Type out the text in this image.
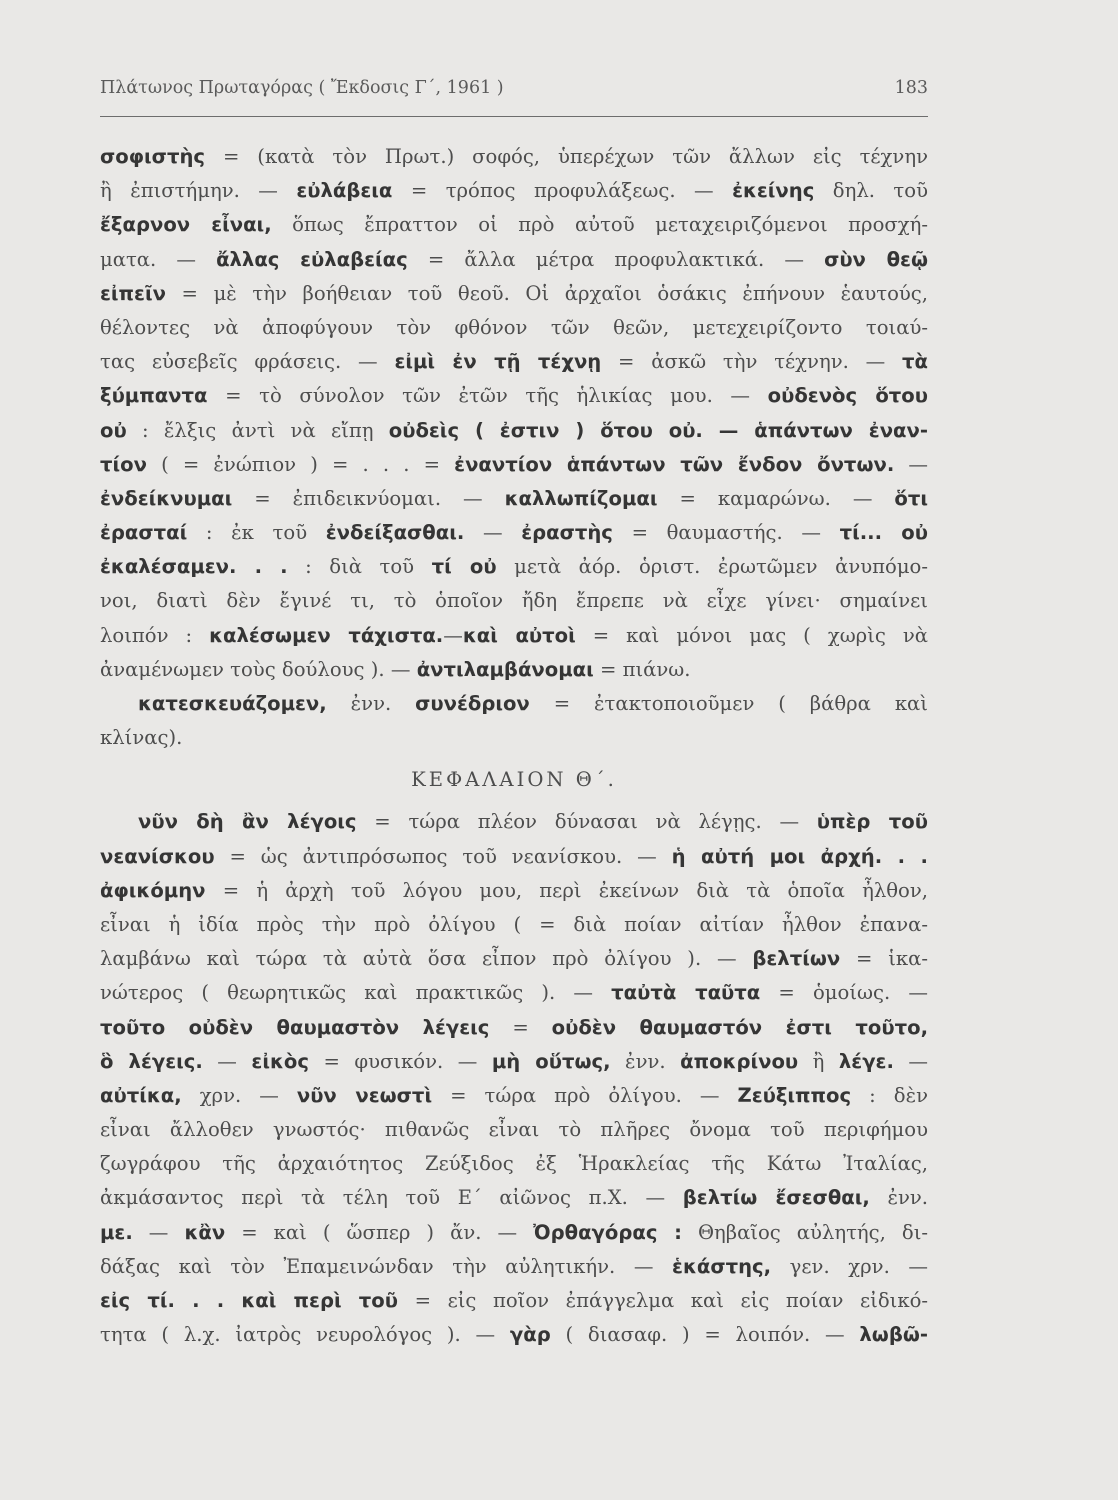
Πλάτωνος Πρωταγόρας ( Ἔκδοσις Γ΄, 1961 )	183
σοφιστὴς = (κατὰ τὸν Πρωτ.) σοφός, ὑπερέχων τῶν ἄλλων εἰς τέχνην
ἢ ἐπιστήμην. — εὐλάβεια = τρόπος προφυλάξεως. — ἐκείνης δηλ. τοῦ
ἔξαρνον εἶναι, ὅπως ἔπραττον οἱ πρὸ αὐτοῦ μεταχειριζόμενοι προσχή-
ματα. — ἄλλας εὐλαβείας = ἄλλα μέτρα προφυλακτικά. — σὺν θεῷ
εἰπεῖν = μὲ τὴν βοήθειαν τοῦ θεοῦ. Οἱ ἀρχαῖοι ὁσάκις ἐπήνουν ἑαυτούς,
θέλοντες νὰ ἀποφύγουν τὸν φθόνον τῶν θεῶν, μετεχειρίζοντο τοιαύ-
τας εὐσεβεῖς φράσεις. — εἰμὶ ἐν τῇ τέχνῃ = ἀσκῶ τὴν τέχνην. — τὰ
ξύμπαντα = τὸ σύνολον τῶν ἐτῶν τῆς ἡλικίας μου. — οὐδενὸς ὅτου
οὐ : ἔλξις ἀντὶ νὰ εἴπῃ οὐδεὶς ( ἐστιν ) ὅτου οὐ. — ἁπάντων ἐναν-
τίον ( = ἐνώπιον ) = . . . = ἐναντίον ἁπάντων τῶν ἔνδον ὄντων. —
ἐνδείκνυμαι = ἐπιδεικνύομαι. — καλλωπίζομαι = καμαρώνω. — ὅτι
ἐρασταί : ἐκ τοῦ ἐνδείξασθαι. — ἐραστὴς = θαυμαστής. — τί... οὐ
ἐκαλέσαμεν. . . : διὰ τοῦ τί οὐ μετὰ ἀόρ. ὁριστ. ἐρωτῶμεν ἀνυπόμο-
νοι, διατὶ δὲν ἔγινέ τι, τὸ ὁποῖον ἤδη ἔπρεπε νὰ εἶχε γίνει· σημαίνει
λοιπόν : καλέσωμεν τάχιστα.—καὶ αὐτοὶ = καὶ μόνοι μας ( χωρὶς νὰ
ἀναμένωμεν τοὺς δούλους ). — ἀντιλαμβάνομαι = πιάνω.
κατεσκευάζομεν, ἐνν. συνέδριον = ἐτακτοποιοῦμεν ( βάθρα καὶ
κλίνας).
ΚΕΦΑΛΑΙΟΝ Θ΄.
νῦν δὴ ἂν λέγοις = τώρα πλέον δύνασαι νὰ λέγῃς. — ὑπὲρ τοῦ
νεανίσκου = ὡς ἀντιπρόσωπος τοῦ νεανίσκου. — ἡ αὐτή μοι ἀρχή. . .
ἀφικόμην = ἡ ἀρχὴ τοῦ λόγου μου, περὶ ἐκείνων διὰ τὰ ὁποῖα ἦλθον,
εἶναι ἡ ἰδία πρὸς τὴν πρὸ ὀλίγου ( = διὰ ποίαν αἰτίαν ἦλθον ἐπανα-
λαμβάνω καὶ τώρα τὰ αὐτὰ ὅσα εἶπον πρὸ ὀλίγου ). — βελτίων = ἱκα-
νώτερος ( θεωρητικῶς καὶ πρακτικῶς ). — ταὐτὰ ταῦτα = ὁμοίως. —
τοῦτο οὐδὲν θαυμαστὸν λέγεις = οὐδὲν θαυμαστόν ἐστι τοῦτο,
ὃ λέγεις. — εἰκὸς = φυσικόν. — μὴ οὕτως, ἐνν. ἀποκρίνου ἢ λέγε. —
αὐτίκα, χρν. — νῦν νεωστὶ = τώρα πρὸ ὀλίγου. — Ζεύξιππος : δὲν
εἶναι ἄλλοθεν γνωστός· πιθανῶς εἶναι τὸ πλῆρες ὄνομα τοῦ περιφήμου
ζωγράφου τῆς ἀρχαιότητος Ζεύξιδος ἐξ Ἡρακλείας τῆς Κάτω Ἰταλίας,
ἀκμάσαντος περὶ τὰ τέλη τοῦ Ε΄ αἰῶνος π.Χ. — βελτίω ἔσεσθαι, ἐνν.
με. — κἂν = καὶ ( ὥσπερ ) ἄν. — Ὀρθαγόρας : Θηβαῖος αὐλητής, δι-
δάξας καὶ τὸν Ἐπαμεινώνδαν τὴν αὐλητικήν. — ἑκάστης, γεν. χρν. —
εἰς τί. . . καὶ περὶ τοῦ = εἰς ποῖον ἐπάγγελμα καὶ εἰς ποίαν εἰδικό-
τητα ( λ.χ. ἰατρὸς νευρολόγος ). — γὰρ ( διασαφ. ) = λοιπόν. — λωβῶ-
